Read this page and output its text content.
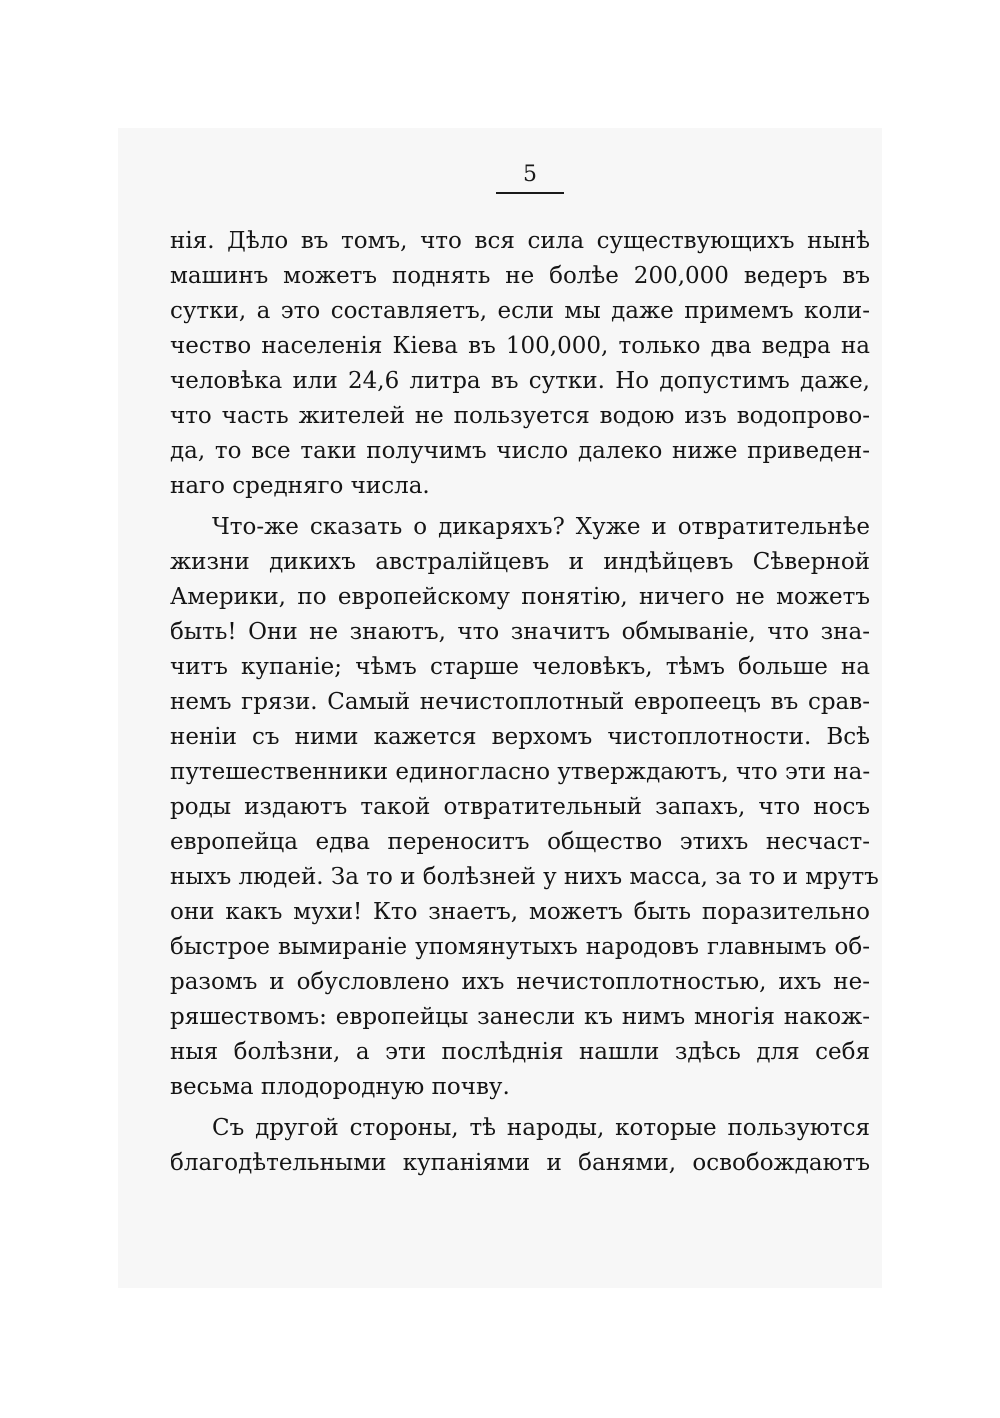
5
нія. Дѣло въ томъ, что вся сила существующихъ нынѣ
машинъ можетъ поднять не болѣе 200,000 ведеръ въ
сутки, а это составляетъ, если мы даже примемъ коли-
чество населенія Кіева въ 100,000, только два ведра на
человѣка или 24,6 литра въ сутки. Но допустимъ даже,
что часть жителей не пользуется водою изъ водопрово-
да, то все таки получимъ число далеко ниже приведен-
наго средняго числа.
Что-же сказать о дикаряхъ? Хуже и отвратительнѣе
жизни дикихъ австралійцевъ и индѣйцевъ Сѣверной
Америки, по европейскому понятію, ничего не можетъ
быть! Они не знаютъ, что значитъ обмываніе, что зна-
читъ купаніе; чѣмъ старше человѣкъ, тѣмъ больше на
немъ грязи. Самый нечистоплотный европеецъ въ срав-
неніи съ ними кажется верхомъ чистоплотности. Всѣ
путешественники единогласно утверждаютъ, что эти на-
роды издаютъ такой отвратительный запахъ, что носъ
европейца едва переноситъ общество этихъ несчаст-
ныхъ людей. За то и болѣзней у нихъ масса, за то и мрутъ
они какъ мухи! Кто знаетъ, можетъ быть поразительно
быстрое вымираніе упомянутыхъ народовъ главнымъ об-
разомъ и обусловлено ихъ нечистоплотностью, ихъ не-
ряшествомъ: европейцы занесли къ нимъ многія накож-
ныя болѣзни, а эти послѣднія нашли здѣсь для себя
весьма плодородную почву.
Съ другой стороны, тѣ народы, которые пользуются
благодѣтельными купаніями и банями, освобождаютъ
